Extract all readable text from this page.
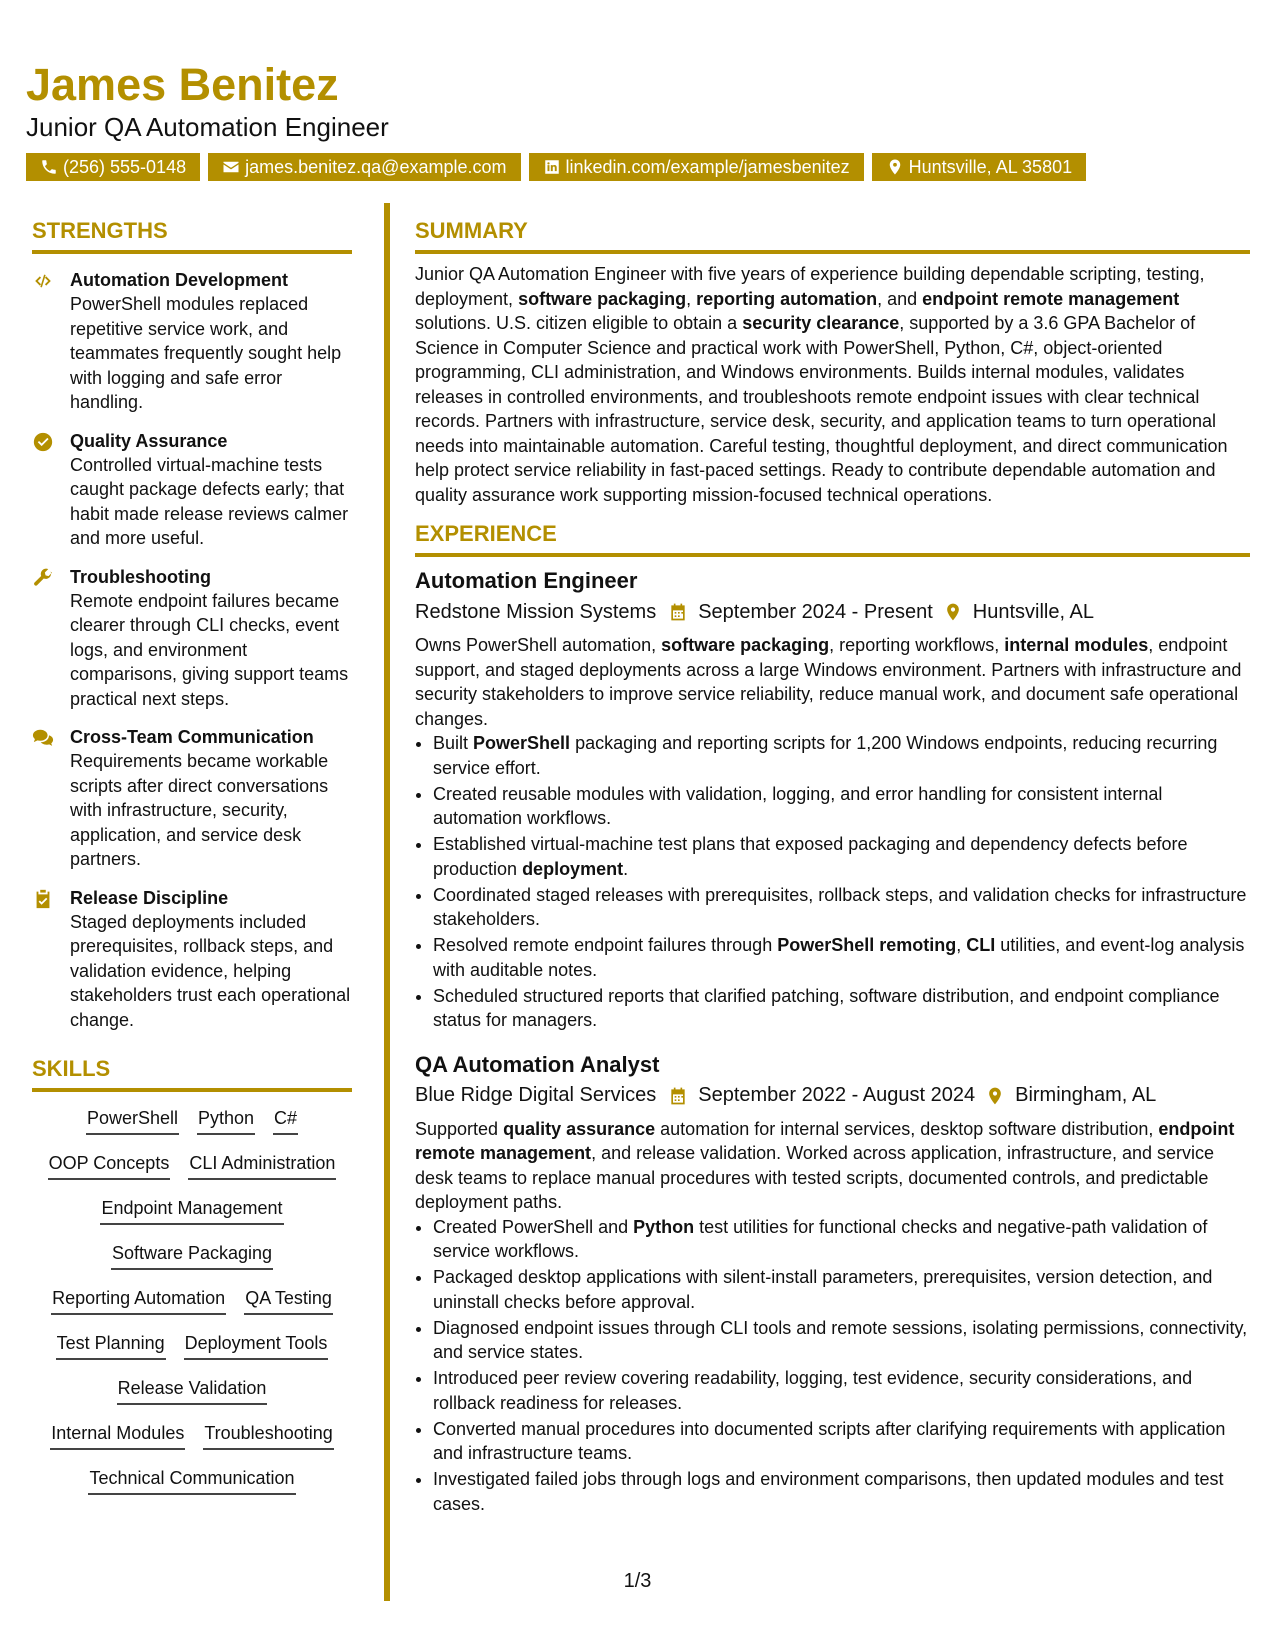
James Benitez
Junior QA Automation Engineer
(256) 555-0148	james.benitez.qa@example.com	linkedin.com/example/jamesbenitez	Huntsville, AL 35801
STRENGTHS
Automation Development
PowerShell modules replaced repetitive service work, and teammates frequently sought help with logging and safe error handling.
Quality Assurance
Controlled virtual-machine tests caught package defects early; that habit made release reviews calmer and more useful.
Troubleshooting
Remote endpoint failures became clearer through CLI checks, event logs, and environment comparisons, giving support teams practical next steps.
Cross-Team Communication
Requirements became workable scripts after direct conversations with infrastructure, security, application, and service desk partners.
Release Discipline
Staged deployments included prerequisites, rollback steps, and validation evidence, helping stakeholders trust each operational change.
SKILLS
PowerShell Python C#
OOP Concepts CLI Administration
Endpoint Management
Software Packaging
Reporting Automation QA Testing
Test Planning Deployment Tools
Release Validation
Internal Modules Troubleshooting
Technical Communication
SUMMARY

Junior QA Automation Engineer with five years of experience building dependable scripting, testing, deployment, software packaging, reporting automation, and endpoint remote management solutions. U.S. citizen eligible to obtain a security clearance, supported by a 3.6 GPA Bachelor of Science in Computer Science and practical work with PowerShell, Python, C#, object-oriented programming, CLI administration, and Windows environments. Builds internal modules, validates releases in controlled environments, and troubleshoots remote endpoint issues with clear technical records. Partners with infrastructure, service desk, security, and application teams to turn operational needs into maintainable automation. Careful testing, thoughtful deployment, and direct communication help protect service reliability in fast-paced settings. Ready to contribute dependable automation and quality assurance work supporting mission-focused technical operations.

EXPERIENCE
Automation Engineer
Redstone Mission Systems September 2024 - Present Huntsville, AL

Owns PowerShell automation, software packaging, reporting workflows, internal modules, endpoint support, and staged deployments across a large Windows environment. Partners with infrastructure and security stakeholders to improve service reliability, reduce manual work, and document safe operational changes.

• Built PowerShell packaging and reporting scripts for 1,200 Windows endpoints, reducing recurring service effort.
• Created reusable modules with validation, logging, and error handling for consistent internal automation workflows.
• Established virtual-machine test plans that exposed packaging and dependency defects before production deployment.
• Coordinated staged releases with prerequisites, rollback steps, and validation checks for infrastructure stakeholders.
• Resolved remote endpoint failures through PowerShell remoting, CLI utilities, and event-log analysis with auditable notes.
• Scheduled structured reports that clarified patching, software distribution, and endpoint compliance status for managers.
QA Automation Analyst
Blue Ridge Digital Services September 2022 - August 2024 Birmingham, AL

Supported quality assurance automation for internal services, desktop software distribution, endpoint remote management, and release validation. Worked across application, infrastructure, and service desk teams to replace manual procedures with tested scripts, documented controls, and predictable deployment paths.

• Created PowerShell and Python test utilities for functional checks and negative-path validation of service workflows.
• Packaged desktop applications with silent-install parameters, prerequisites, version detection, and uninstall checks before approval.
• Diagnosed endpoint issues through CLI tools and remote sessions, isolating permissions, connectivity, and service states.
• Introduced peer review covering readability, logging, test evidence, security considerations, and rollback readiness for releases.
• Converted manual procedures into documented scripts after clarifying requirements with application and infrastructure teams.
• Investigated failed jobs through logs and environment comparisons, then updated modules and test cases.
1/3
